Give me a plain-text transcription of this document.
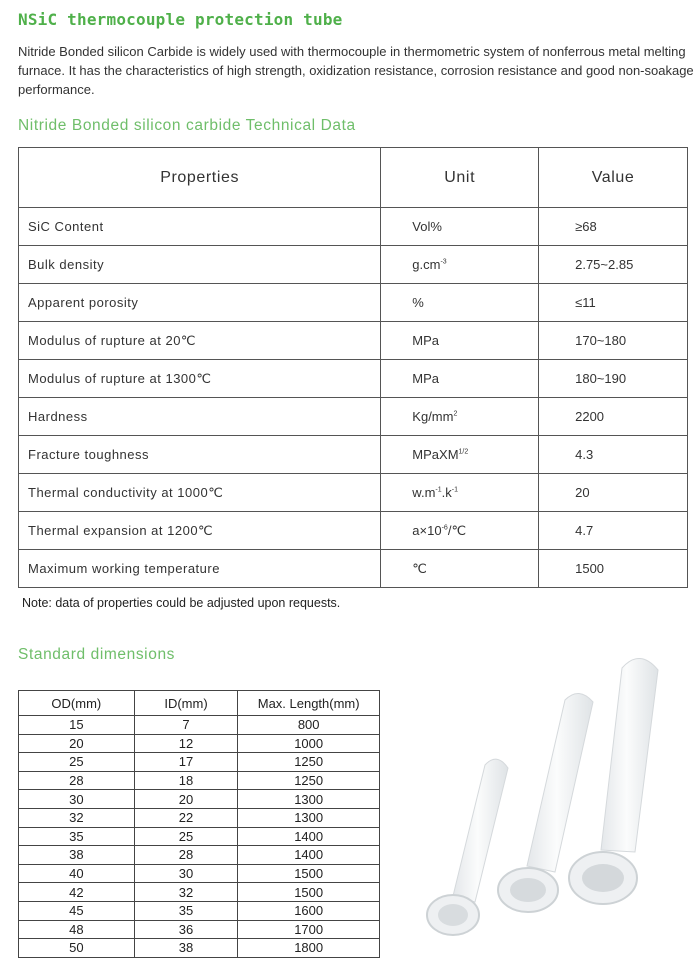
NSiC thermocouple protection tube
Nitride Bonded silicon Carbide is widely used with thermocouple in thermometric system of nonferrous metal melting furnace. It has the characteristics of high strength, oxidization resistance, corrosion resistance and good non-soakage performance.
Nitride Bonded silicon carbide Technical Data
Properties	Unit	Value
SiC Content	Vol%	≥68
Bulk density	$g.cm^{-3}$	2.75~2.85
Apparent porosity	%	≤11
Modulus of rupture at 20℃	MPa	170~180
Modulus of rupture at 1300℃	MPa	180~190
Hardness	$Kg/mm^2$	2200
Fracture toughness	MPaXM$^{1/2}$	4.3
Thermal conductivity at 1000℃	$w.m^{-1}.k^{-1}$	20
Thermal expansion at 1200℃	$a\times 10^{-6}/℃$	4.7
Maximum working temperature	℃	1500
Note: data of properties could be adjusted upon requests.
Standard dimensions
OD(mm)	ID(mm)	Max. Length(mm)
15	7	800
20	12	1000
25	17	1250
28	18	1250
30	20	1300
32	22	1300
35	25	1400
38	28	1400
40	30	1500
42	32	1500
45	35	1600
48	36	1700
50	38	1800
